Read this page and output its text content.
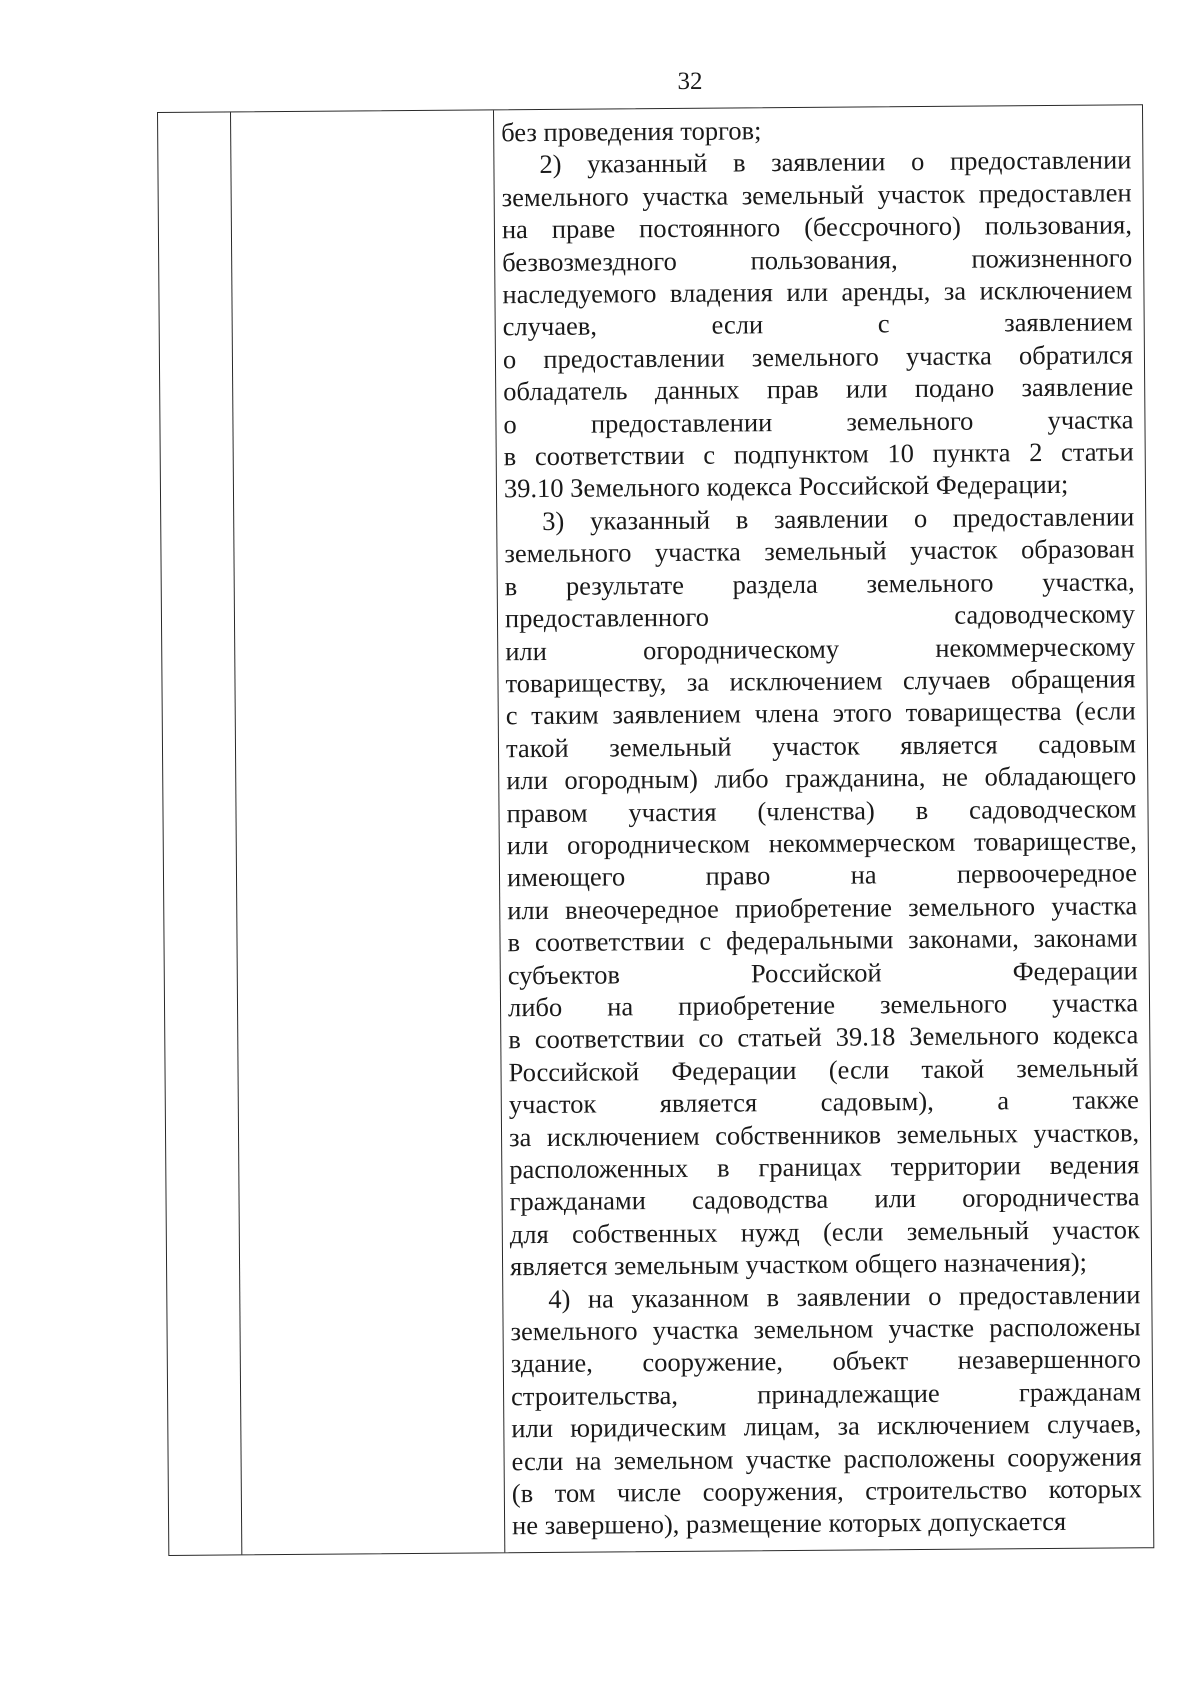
32
без проведения торгов;
2) указанный в заявлении о предоставлении
земельного участка земельный участок предоставлен
на праве постоянного (бессрочного) пользования,
безвозмездного пользования, пожизненного
наследуемого владения или аренды, за исключением
случаев, если с заявлением
о предоставлении земельного участка обратился
обладатель данных прав или подано заявление
о предоставлении земельного участка
в соответствии с подпунктом 10 пункта 2 статьи
39.10 Земельного кодекса Российской Федерации;
3) указанный в заявлении о предоставлении
земельного участка земельный участок образован
в результате раздела земельного участка,
предоставленного садоводческому
или огородническому некоммерческому
товариществу, за исключением случаев обращения
с таким заявлением члена этого товарищества (если
такой земельный участок является садовым
или огородным) либо гражданина, не обладающего
правом участия (членства) в садоводческом
или огородническом некоммерческом товариществе,
имеющего право на первоочередное
или внеочередное приобретение земельного участка
в соответствии с федеральными законами, законами
субъектов Российской Федерации
либо на приобретение земельного участка
в соответствии со статьей 39.18 Земельного кодекса
Российской Федерации (если такой земельный
участок является садовым), а также
за исключением собственников земельных участков,
расположенных в границах территории ведения
гражданами садоводства или огородничества
для собственных нужд (если земельный участок
является земельным участком общего назначения);
4) на указанном в заявлении о предоставлении
земельного участка земельном участке расположены
здание, сооружение, объект незавершенного
строительства, принадлежащие гражданам
или юридическим лицам, за исключением случаев,
если на земельном участке расположены сооружения
(в том числе сооружения, строительство которых
не завершено), размещение которых допускается
